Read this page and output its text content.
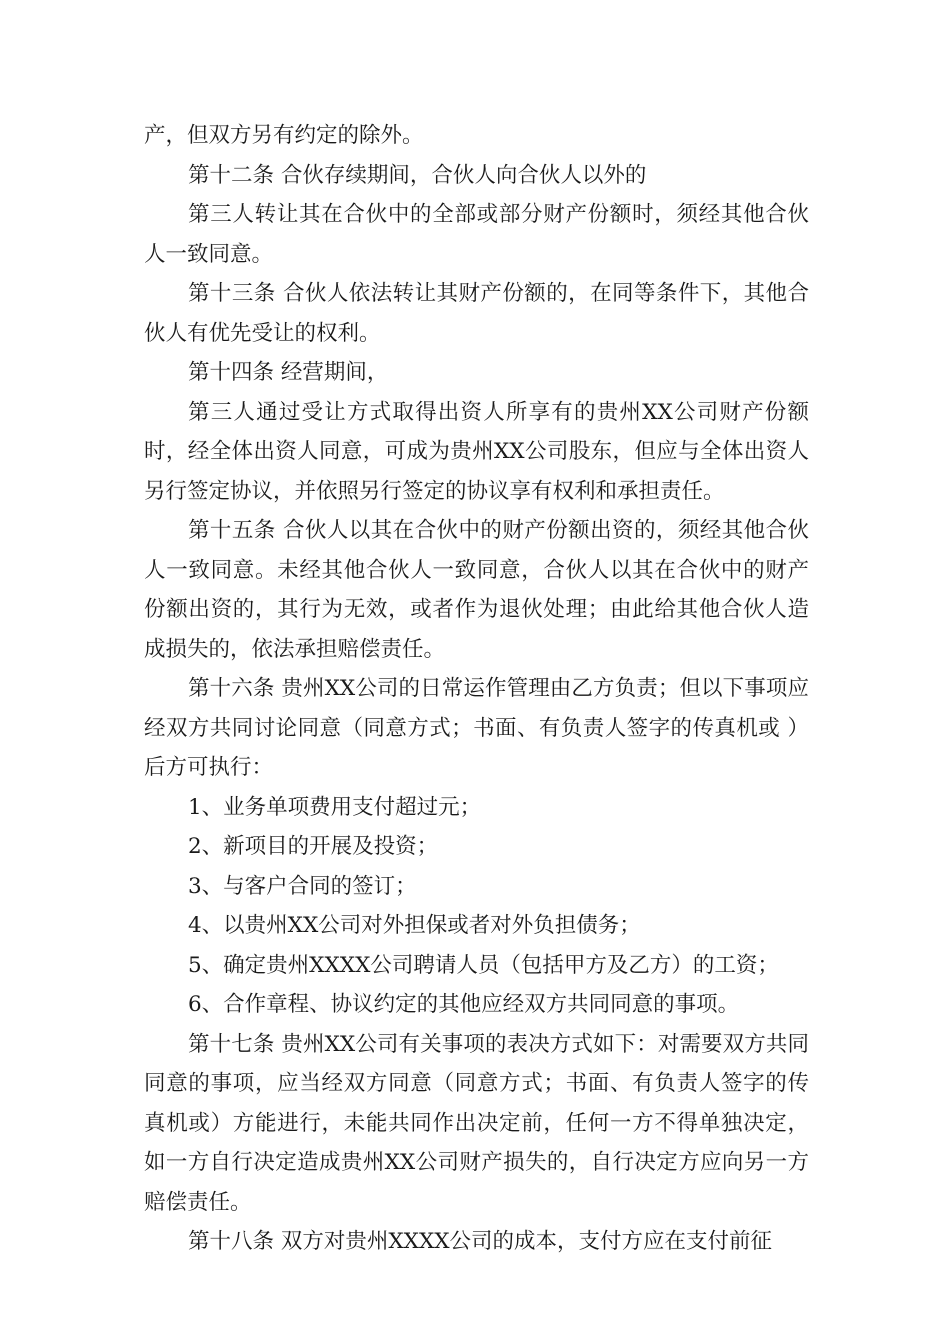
产，但双方另有约定的除外。

第十二条 合伙存续期间，合伙人向合伙人以外的

第三人转让其在合伙中的全部或部分财产份额时，须经其他合伙人一致同意。

第十三条 合伙人依法转让其财产份额的，在同等条件下，其他合伙人有优先受让的权利。

第十四条 经营期间，

第三人通过受让方式取得出资人所享有的贵州XX公司财产份额时，经全体出资人同意，可成为贵州XX公司股东，但应与全体出资人另行签定协议，并依照另行签定的协议享有权利和承担责任。

第十五条 合伙人以其在合伙中的财产份额出资的，须经其他合伙人一致同意。未经其他合伙人一致同意，合伙人以其在合伙中的财产份额出资的，其行为无效，或者作为退伙处理；由此给其他合伙人造成损失的，依法承担赔偿责任。

第十六条 贵州XX公司的日常运作管理由乙方负责；但以下事项应经双方共同讨论同意（同意方式；书面、有负责人签字的传真机或 ）后方可执行：

1、业务单项费用支付超过元；

2、新项目的开展及投资；

3、与客户合同的签订；

4、以贵州XX公司对外担保或者对外负担债务；

5、确定贵州XXXX公司聘请人员（包括甲方及乙方）的工资；

6、合作章程、协议约定的其他应经双方共同同意的事项。

第十七条 贵州XX公司有关事项的表决方式如下：对需要双方共同同意的事项，应当经双方同意（同意方式；书面、有负责人签字的传真机或）方能进行，未能共同作出决定前，任何一方不得单独决定，如一方自行决定造成贵州XX公司财产损失的，自行决定方应向另一方赔偿责任。

第十八条 双方对贵州XXXX公司的成本，支付方应在支付前征
